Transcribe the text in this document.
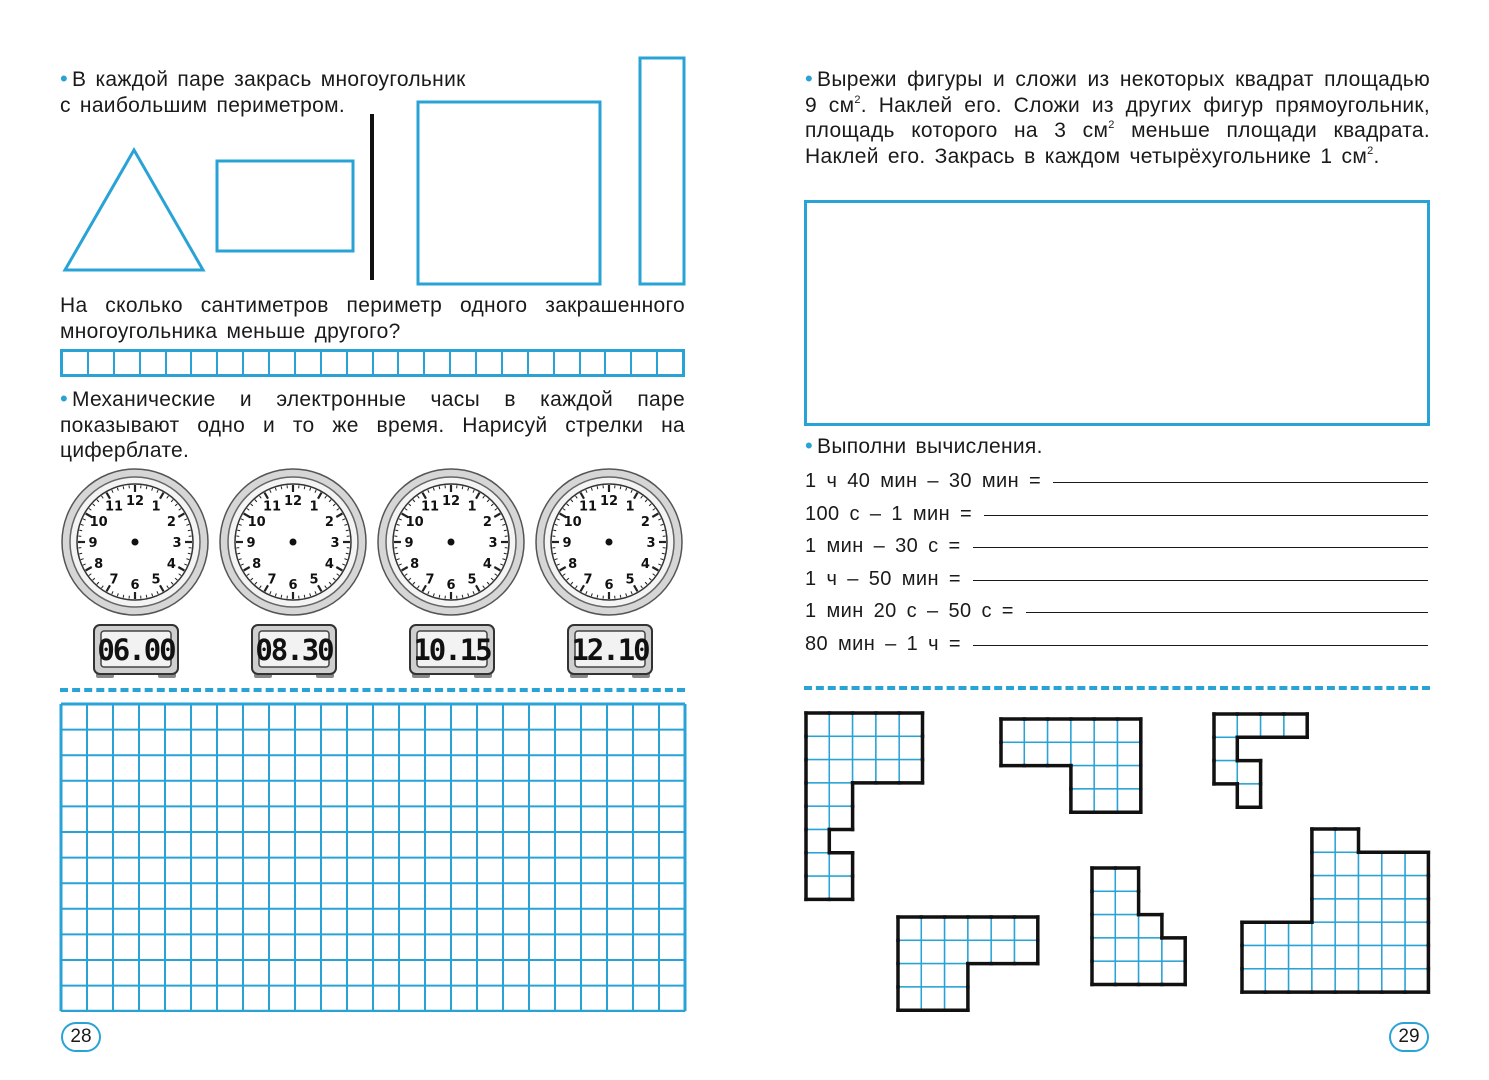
• В каждой паре закрась многоугольник
с наибольшим периметром.
На сколько сантиметров периметр одного закрашенного многоугольника меньше другого?
• Механические и электронные часы в каждой паре показывают одно и то же время. Нарисуй стрелки на циферблате.
12 1
2
3
4
5
6
7
8
9
10
11	12 1
2
3
4
5
6
7
8
9
10
11	12 1
2
3
4
5
6
7
8
9
10
11	12 1
2
3
4
5
6
7
8
9
10
11
06.00	08.30	10.15	12.10
28
• Вырежи фигуры и сложи из некоторых квадрат площадью 9 $см^2$. Наклей его. Сложи из других фигур прямоугольник, площадь которого на 3 $см^2$ меньше площади квадрата. Наклей его. Закрась в каждом четырёхугольнике 1 $см^2$.
• Выполни вычисления.
1 ч 40 мин – 30 мин =
100 с – 1 мин =
1 мин – 30 с =
1 ч – 50 мин =
1 мин 20 с – 50 с =
80 мин – 1 ч =
29
